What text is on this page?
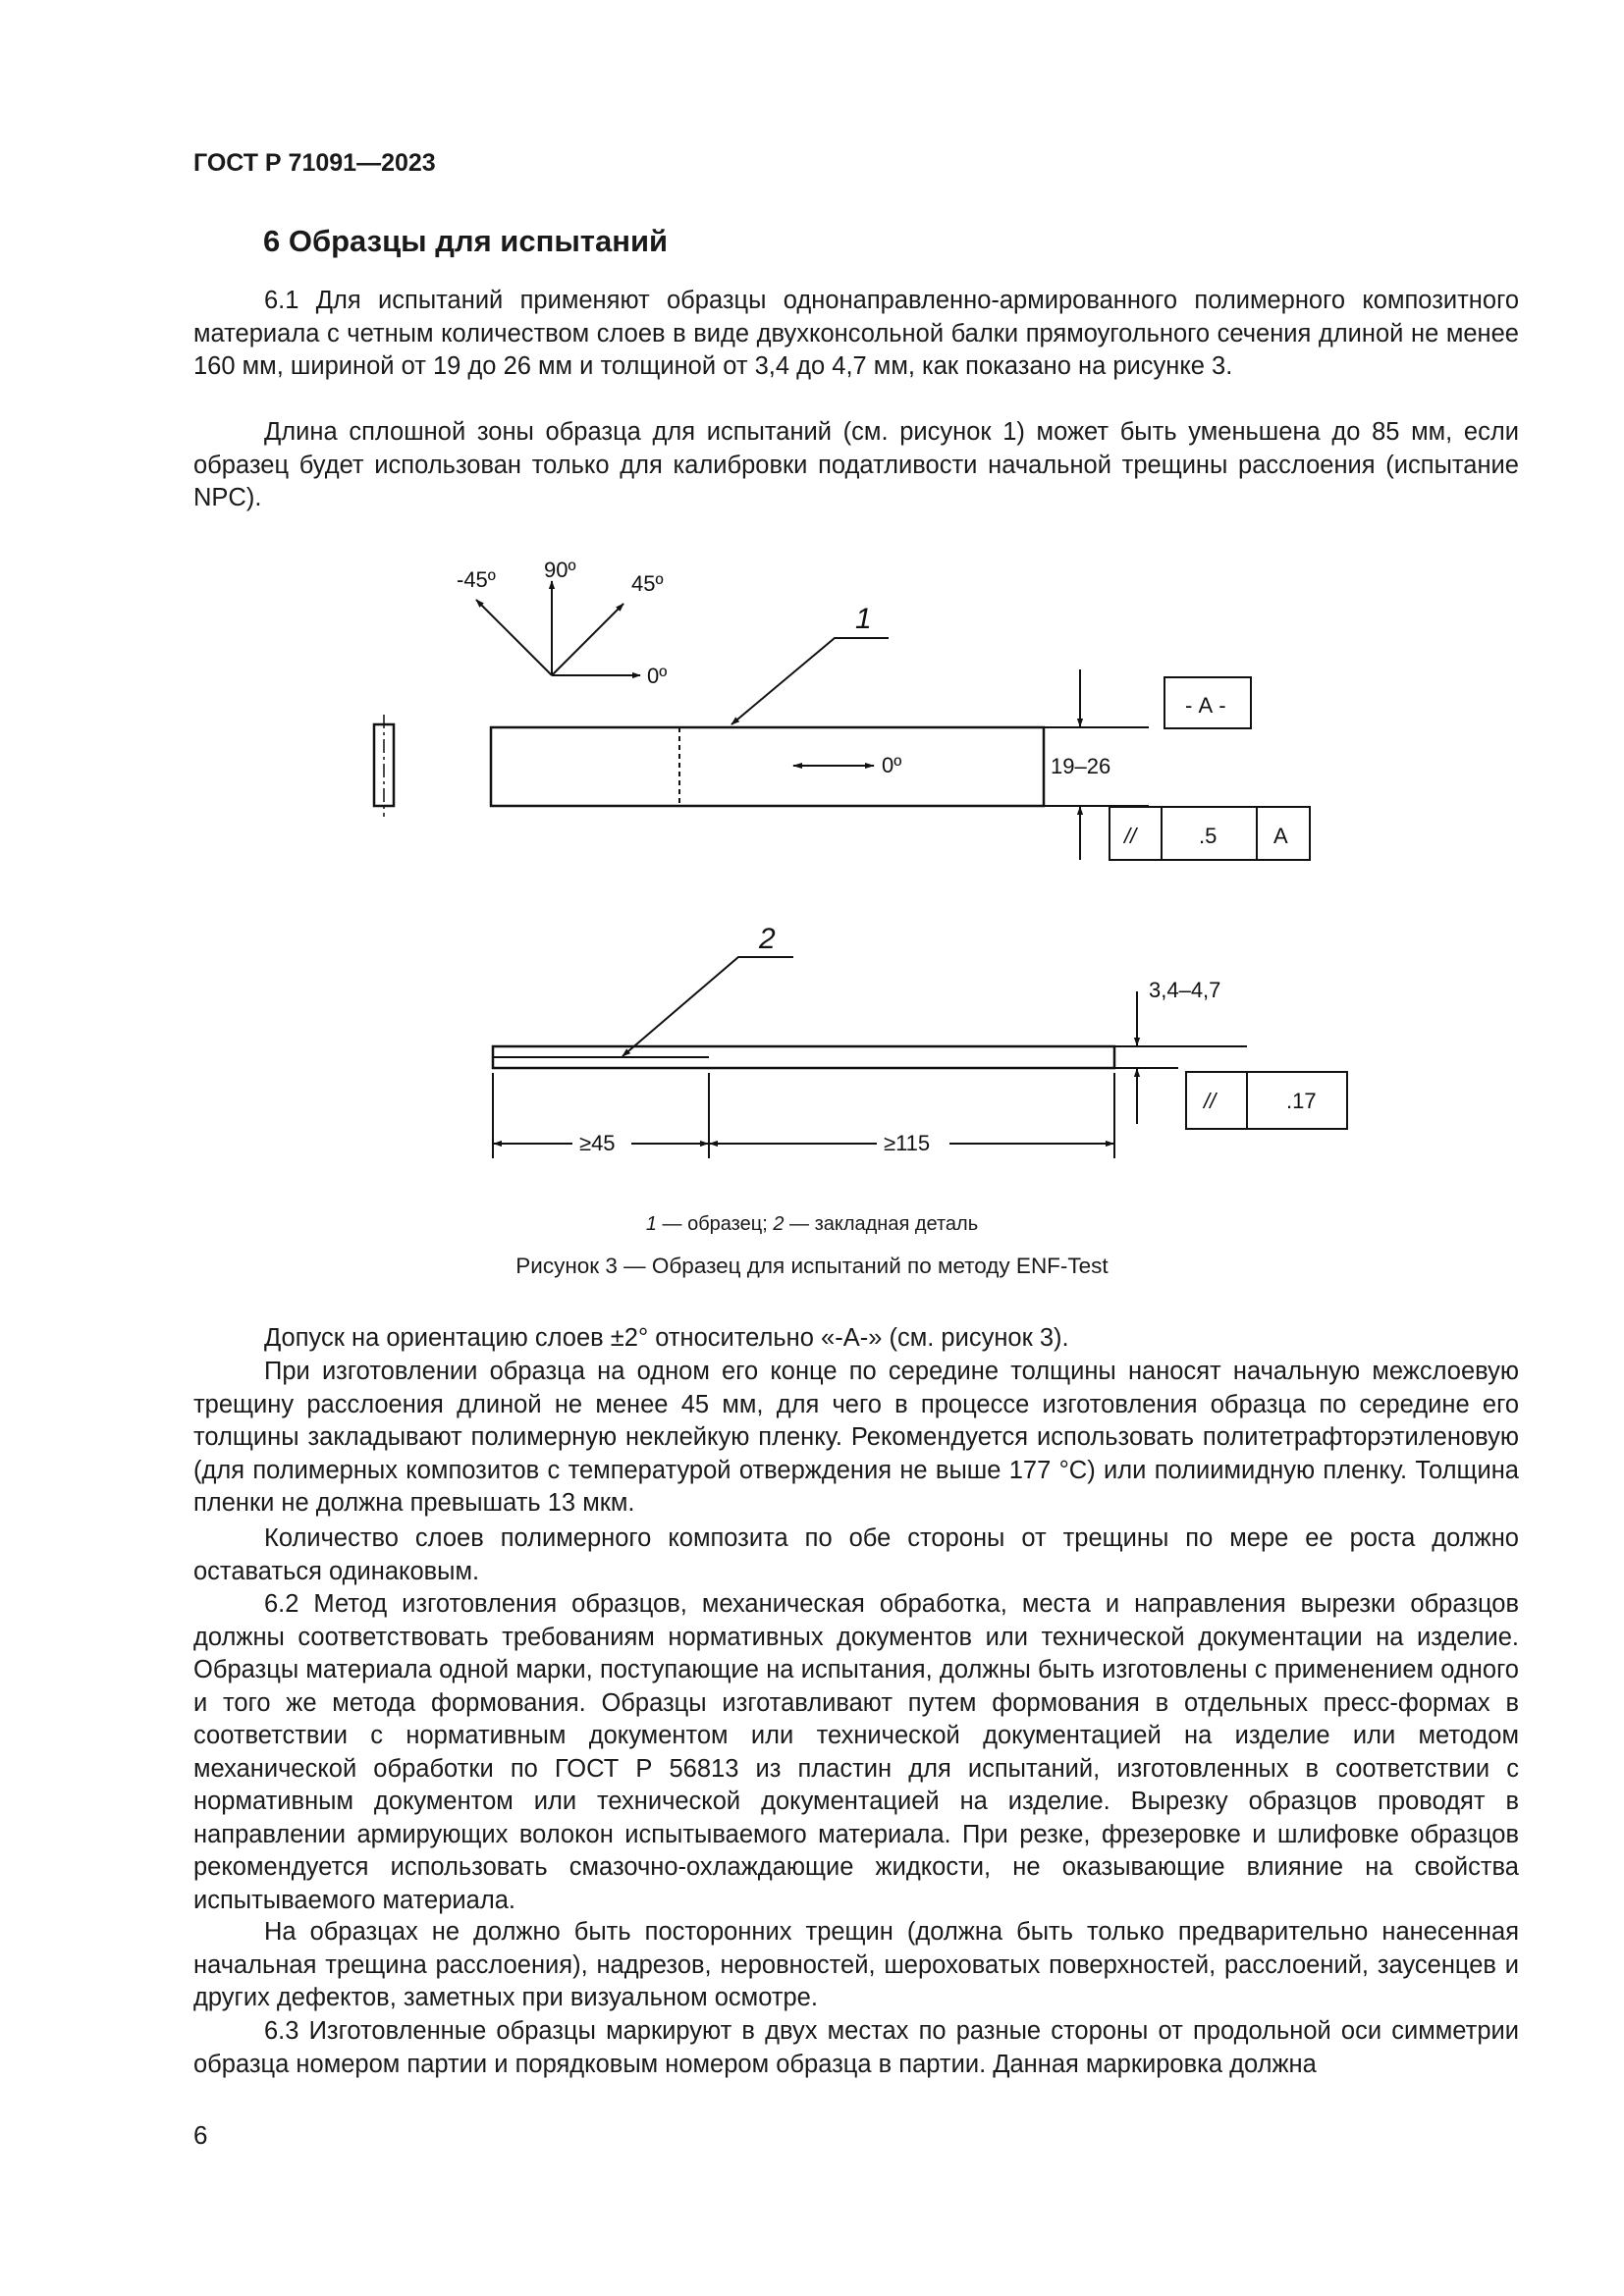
ГОСТ Р 71091—2023
6 Образцы для испытаний

6.1 Для испытаний применяют образцы однонаправленно-армированного полимерного композитного материала с четным количеством слоев в виде двухконсольной балки прямоугольного сечения длиной не менее 160 мм, шириной от 19 до 26 мм и толщиной от 3,4 до 4,7 мм, как показано на рисунке 3.

Длина сплошной зоны образца для испытаний (см. рисунок 1) может быть уменьшена до 85 мм, если образец будет использован только для калибровки податливости начальной трещины расслоения (испытание NPC).

-45º 90º
45º
0º
0º
- А -
19–26
//	.5	А
3,4–4,7
//	.17
≥45	≥115
1
2
1 — образец; 2 — закладная деталь
Рисунок 3 — Образец для испытаний по методу ENF-Test

Допуск на ориентацию слоев ±2° относительно «-А-» (см. рисунок 3).

При изготовлении образца на одном его конце по середине толщины наносят начальную межслоевую трещину расслоения длиной не менее 45 мм, для чего в процессе изготовления образца по середине его толщины закладывают полимерную неклейкую пленку. Рекомендуется использовать политетрафторэтиленовую (для полимерных композитов с температурой отверждения не выше 177 °С) или полиимидную пленку. Толщина пленки не должна превышать 13 мкм.

Количество слоев полимерного композита по обе стороны от трещины по мере ее роста должно оставаться одинаковым.

6.2 Метод изготовления образцов, механическая обработка, места и направления вырезки образцов должны соответствовать требованиям нормативных документов или технической документации на изделие. Образцы материала одной марки, поступающие на испытания, должны быть изготовлены с применением одного и того же метода формования. Образцы изготавливают путем формования в отдельных пресс-формах в соответствии с нормативным документом или технической документацией на изделие или методом механической обработки по ГОСТ Р 56813 из пластин для испытаний, изготовленных в соответствии с нормативным документом или технической документацией на изделие. Вырезку образцов проводят в направлении армирующих волокон испытываемого материала. При резке, фрезеровке и шлифовке образцов рекомендуется использовать смазочно-охлаждающие жидкости, не оказывающие влияние на свойства испытываемого материала.

На образцах не должно быть посторонних трещин (должна быть только предварительно нанесенная начальная трещина расслоения), надрезов, неровностей, шероховатых поверхностей, расслоений, заусенцев и других дефектов, заметных при визуальном осмотре.

6.3 Изготовленные образцы маркируют в двух местах по разные стороны от продольной оси симметрии образца номером партии и порядковым номером образца в партии. Данная маркировка должна

6
